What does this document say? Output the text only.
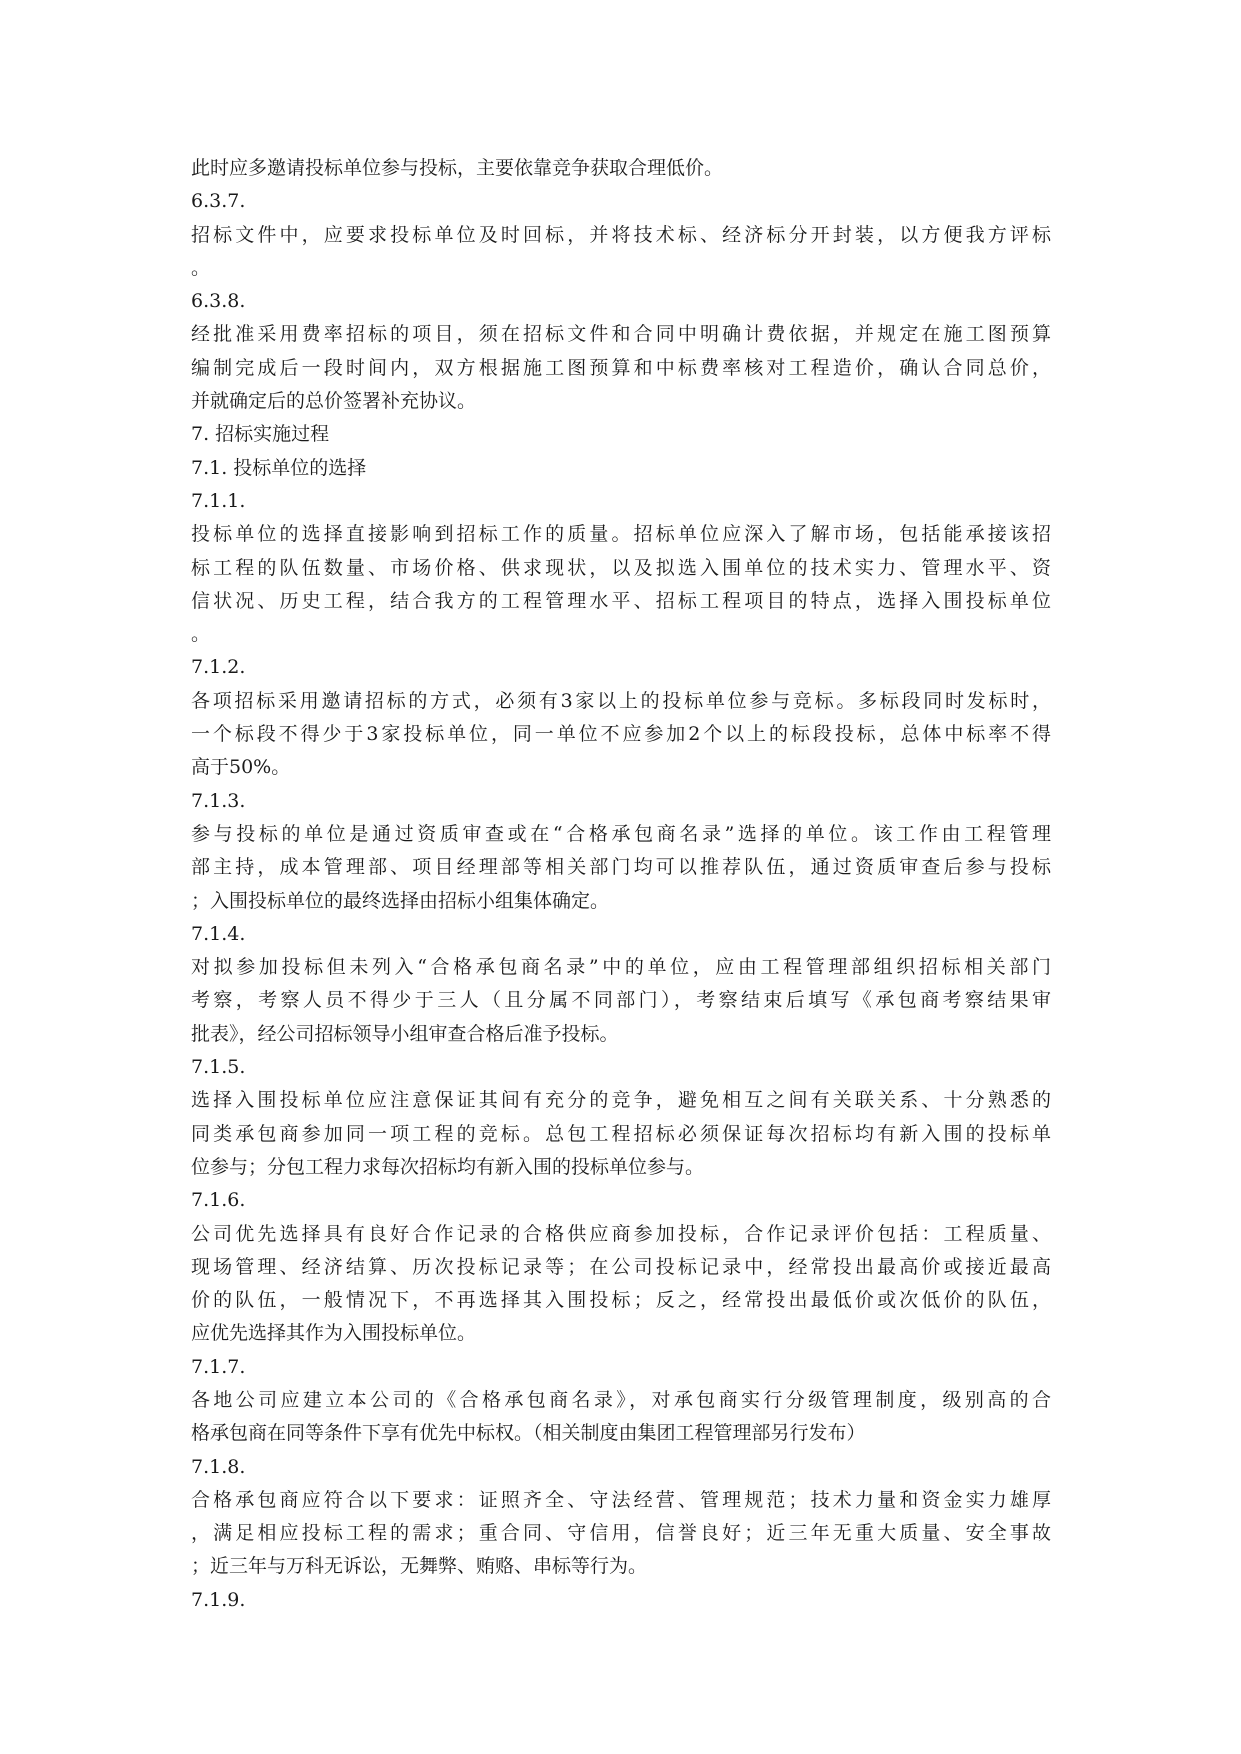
此时应多邀请投标单位参与投标，主要依靠竞争获取合理低价。
6.3.7.
招标文件中，应要求投标单位及时回标，并将技术标、经济标分开封装，以方便我方评标
。
6.3.8.
经批准采用费率招标的项目，须在招标文件和合同中明确计费依据，并规定在施工图预算
编制完成后一段时间内，双方根据施工图预算和中标费率核对工程造价，确认合同总价，
并就确定后的总价签署补充协议。
7. 招标实施过程
7.1. 投标单位的选择
7.1.1.
投标单位的选择直接影响到招标工作的质量。招标单位应深入了解市场，包括能承接该招
标工程的队伍数量、市场价格、供求现状，以及拟选入围单位的技术实力、管理水平、资
信状况、历史工程，结合我方的工程管理水平、招标工程项目的特点，选择入围投标单位
。
7.1.2.
各项招标采用邀请招标的方式，必须有3家以上的投标单位参与竞标。多标段同时发标时，
一个标段不得少于3家投标单位，同一单位不应参加2个以上的标段投标，总体中标率不得
高于50%。
7.1.3.
参与投标的单位是通过资质审查或在“合格承包商名录”选择的单位。该工作由工程管理
部主持，成本管理部、项目经理部等相关部门均可以推荐队伍，通过资质审查后参与投标
；入围投标单位的最终选择由招标小组集体确定。
7.1.4.
对拟参加投标但未列入“合格承包商名录”中的单位，应由工程管理部组织招标相关部门
考察，考察人员不得少于三人（且分属不同部门），考察结束后填写《承包商考察结果审
批表》，经公司招标领导小组审查合格后准予投标。
7.1.5.
选择入围投标单位应注意保证其间有充分的竞争，避免相互之间有关联关系、十分熟悉的
同类承包商参加同一项工程的竞标。总包工程招标必须保证每次招标均有新入围的投标单
位参与；分包工程力求每次招标均有新入围的投标单位参与。
7.1.6.
公司优先选择具有良好合作记录的合格供应商参加投标，合作记录评价包括：工程质量、
现场管理、经济结算、历次投标记录等；在公司投标记录中，经常投出最高价或接近最高
价的队伍，一般情况下，不再选择其入围投标；反之，经常投出最低价或次低价的队伍，
应优先选择其作为入围投标单位。
7.1.7.
各地公司应建立本公司的《合格承包商名录》，对承包商实行分级管理制度，级别高的合
格承包商在同等条件下享有优先中标权。（相关制度由集团工程管理部另行发布）
7.1.8.
合格承包商应符合以下要求：证照齐全、守法经营、管理规范；技术力量和资金实力雄厚
，满足相应投标工程的需求；重合同、守信用，信誉良好；近三年无重大质量、安全事故
；近三年与万科无诉讼，无舞弊、贿赂、串标等行为。
7.1.9.
